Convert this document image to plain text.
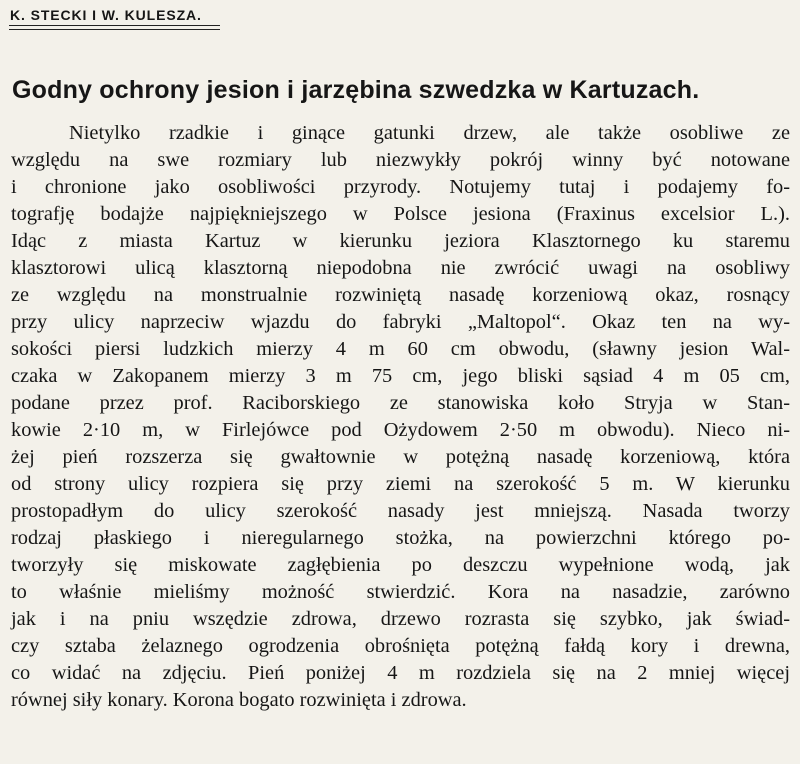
K. STECKI I W. KULESZA.
Godny ochrony jesion i jarzębina szwedzka w Kartuzach.

Nietylko rzadkie i ginące gatunki drzew, ale także osobliwe ze
względu na swe rozmiary lub niezwykły pokrój winny być notowane
i chronione jako osobliwości przyrody. Notujemy tutaj i podajemy fo-
tografję bodajże najpiękniejszego w Polsce jesiona (Fraxinus excelsior L.).
Idąc z miasta Kartuz w kierunku jeziora Klasztornego ku staremu
klasztorowi ulicą klasztorną niepodobna nie zwrócić uwagi na osobliwy
ze względu na monstrualnie rozwiniętą nasadę korzeniową okaz, rosnący
przy ulicy naprzeciw wjazdu do fabryki „Maltopol“. Okaz ten na wy-
sokości piersi ludzkich mierzy 4 m 60 cm obwodu, (sławny jesion Wal-
czaka w Zakopanem mierzy 3 m 75 cm, jego bliski sąsiad 4 m 05 cm,
podane przez prof. Raciborskiego ze stanowiska koło Stryja w Stan-
kowie 2·10 m, w Firlejówce pod Ożydowem 2·50 m obwodu). Nieco ni-
żej pień rozszerza się gwałtownie w potężną nasadę korzeniową, która
od strony ulicy rozpiera się przy ziemi na szerokość 5 m. W kierunku
prostopadłym do ulicy szerokość nasady jest mniejszą. Nasada tworzy
rodzaj płaskiego i nieregularnego stożka, na powierzchni którego po-
tworzyły się miskowate zagłębienia po deszczu wypełnione wodą, jak
to właśnie mieliśmy możność stwierdzić. Kora na nasadzie, zarówno
jak i na pniu wszędzie zdrowa, drzewo rozrasta się szybko, jak świad-
czy sztaba żelaznego ogrodzenia obrośnięta potężną fałdą kory i drewna,
co widać na zdjęciu. Pień poniżej 4 m rozdziela się na 2 mniej więcej
równej siły konary. Korona bogato rozwinięta i zdrowa.
